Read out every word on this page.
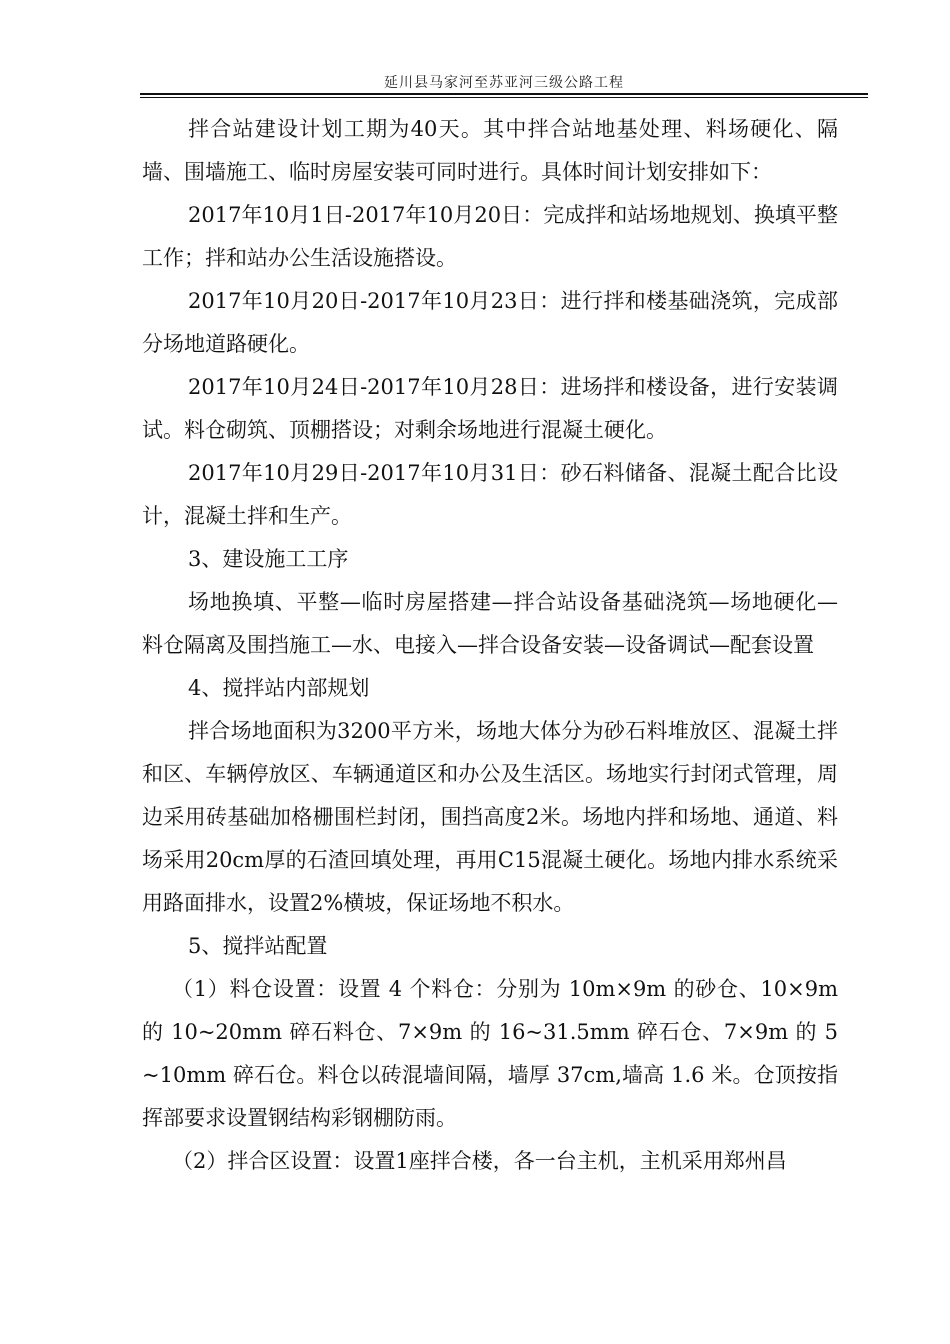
延川县马家河至苏亚河三级公路工程

拌合站建设计划工期为40天。其中拌合站地基处理、料场硬化、隔墙、围墙施工、临时房屋安装可同时进行。具体时间计划安排如下：

2017年10月1日-2017年10月20日：完成拌和站场地规划、换填平整工作；拌和站办公生活设施搭设。

2017年10月20日-2017年10月23日：进行拌和楼基础浇筑，完成部分场地道路硬化。

2017年10月24日-2017年10月28日：进场拌和楼设备，进行安装调试。料仓砌筑、顶棚搭设；对剩余场地进行混凝土硬化。

2017年10月29日-2017年10月31日：砂石料储备、混凝土配合比设计，混凝土拌和生产。

3、建设施工工序

场地换填、平整—临时房屋搭建—拌合站设备基础浇筑—场地硬化—料仓隔离及围挡施工—水、电接入—拌合设备安装—设备调试—配套设置

4、搅拌站内部规划

拌合场地面积为3200平方米，场地大体分为砂石料堆放区、混凝土拌和区、车辆停放区、车辆通道区和办公及生活区。场地实行封闭式管理，周边采用砖基础加格栅围栏封闭，围挡高度2米。场地内拌和场地、通道、料场采用20cm厚的石渣回填处理，再用C15混凝土硬化。场地内排水系统采用路面排水，设置2%横坡，保证场地不积水。

5、搅拌站配置

（1）料仓设置：设置 4 个料仓：分别为 10m×9m 的砂仓、10×9m 的 10~20mm 碎石料仓、7×9m 的 16~31.5mm 碎石仓、7×9m 的 5~10mm 碎石仓。料仓以砖混墙间隔，墙厚 37cm,墙高 1.6 米。仓顶按指挥部要求设置钢结构彩钢棚防雨。

（2）拌合区设置：设置1座拌合楼，各一台主机，主机采用郑州昌
